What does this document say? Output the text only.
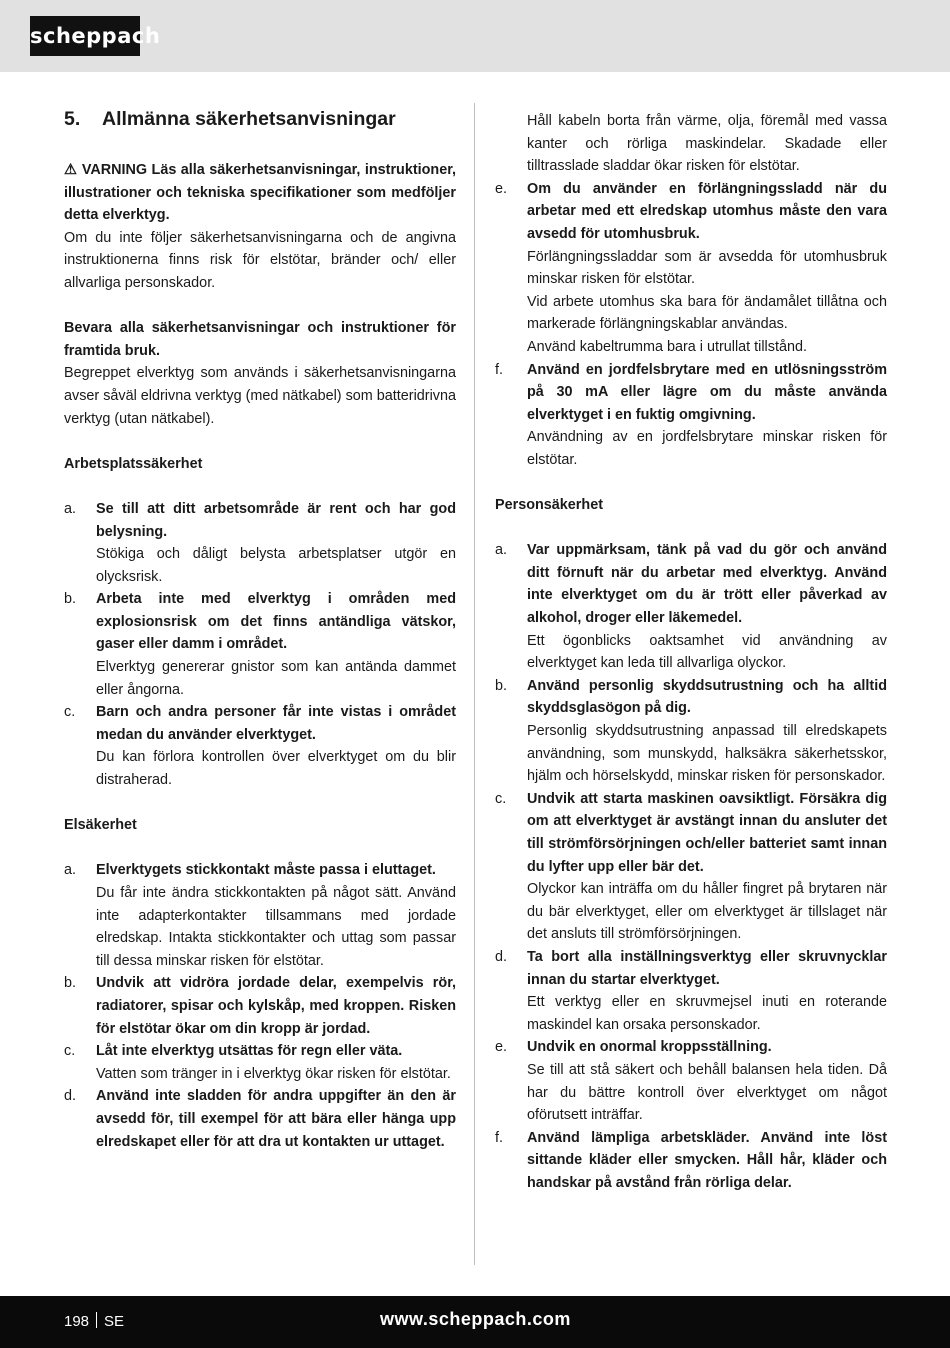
scheppach
5. Allmänna säkerhetsanvisningar

⚠ VARNING Läs alla säkerhetsanvisningar, instruktioner, illustrationer och tekniska specifikationer som medföljer detta elverktyg.

Om du inte följer säkerhetsanvisningarna och de angivna instruktionerna finns risk för elstötar, bränder och/ eller allvarliga personskador.

Bevara alla säkerhetsanvisningar och instruktioner för framtida bruk.

Begreppet elverktyg som används i säkerhetsanvisningarna avser såväl eldrivna verktyg (med nätkabel) som batteridrivna verktyg (utan nätkabel).

Arbetsplatssäkerhet

a. Se till att ditt arbetsområde är rent och har god belysning.

Stökiga och dåligt belysta arbetsplatser utgör en olycksrisk.

b. Arbeta inte med elverktyg i områden med explosionsrisk om det finns antändliga vätskor, gaser eller damm i området.

Elverktyg genererar gnistor som kan antända dammet eller ångorna.

c. Barn och andra personer får inte vistas i området medan du använder elverktyget.

Du kan förlora kontrollen över elverktyget om du blir distraherad.

Elsäkerhet

a. Elverktygets stickkontakt måste passa i eluttaget.

Du får inte ändra stickkontakten på något sätt. Använd inte adapterkontakter tillsammans med jordade elredskap. Intakta stickkontakter och uttag som passar till dessa minskar risken för elstötar.

b. Undvik att vidröra jordade delar, exempelvis rör, radiatorer, spisar och kylskåp, med kroppen. Risken för elstötar ökar om din kropp är jordad.

c. Låt inte elverktyg utsättas för regn eller väta.

Vatten som tränger in i elverktyg ökar risken för elstötar.

d. Använd inte sladden för andra uppgifter än den är avsedd för, till exempel för att bära eller hänga upp elredskapet eller för att dra ut kontakten ur uttaget.

Håll kabeln borta från värme, olja, föremål med vassa kanter och rörliga maskindelar. Skadade eller tilltrasslade sladdar ökar risken för elstötar.

e. Om du använder en förlängningssladd när du arbetar med ett elredskap utomhus måste den vara avsedd för utomhusbruk.

Förlängningssladdar som är avsedda för utomhusbruk minskar risken för elstötar.

Vid arbete utomhus ska bara för ändamålet tillåtna och markerade förlängningskablar användas.

Använd kabeltrumma bara i utrullat tillstånd.

f. Använd en jordfelsbrytare med en utlösningsström på 30 mA eller lägre om du måste använda elverktyget i en fuktig omgivning.

Användning av en jordfelsbrytare minskar risken för elstötar.

Personsäkerhet

a. Var uppmärksam, tänk på vad du gör och använd ditt förnuft när du arbetar med elverktyg. Använd inte elverktyget om du är trött eller påverkad av alkohol, droger eller läkemedel.

Ett ögonblicks oaktsamhet vid användning av elverktyget kan leda till allvarliga olyckor.

b. Använd personlig skyddsutrustning och ha alltid skyddsglasögon på dig.

Personlig skyddsutrustning anpassad till elredskapets användning, som munskydd, halksäkra säkerhetsskor, hjälm och hörselskydd, minskar risken för personskador.

c. Undvik att starta maskinen oavsiktligt. Försäkra dig om att elverktyget är avstängt innan du ansluter det till strömförsörjningen och/eller batteriet samt innan du lyfter upp eller bär det.

Olyckor kan inträffa om du håller fingret på brytaren när du bär elverktyget, eller om elverktyget är tillslaget när det ansluts till strömförsörjningen.

d. Ta bort alla inställningsverktyg eller skruvnycklar innan du startar elverktyget.

Ett verktyg eller en skruvmejsel inuti en roterande maskindel kan orsaka personskador.

e. Undvik en onormal kroppsställning.

Se till att stå säkert och behåll balansen hela tiden. Då har du bättre kontroll över elverktyget om något oförutsett inträffar.

f. Använd lämpliga arbetskläder. Använd inte löst sittande kläder eller smycken. Håll hår, kläder och handskar på avstånd från rörliga delar.

198 SE	www.scheppach.com
